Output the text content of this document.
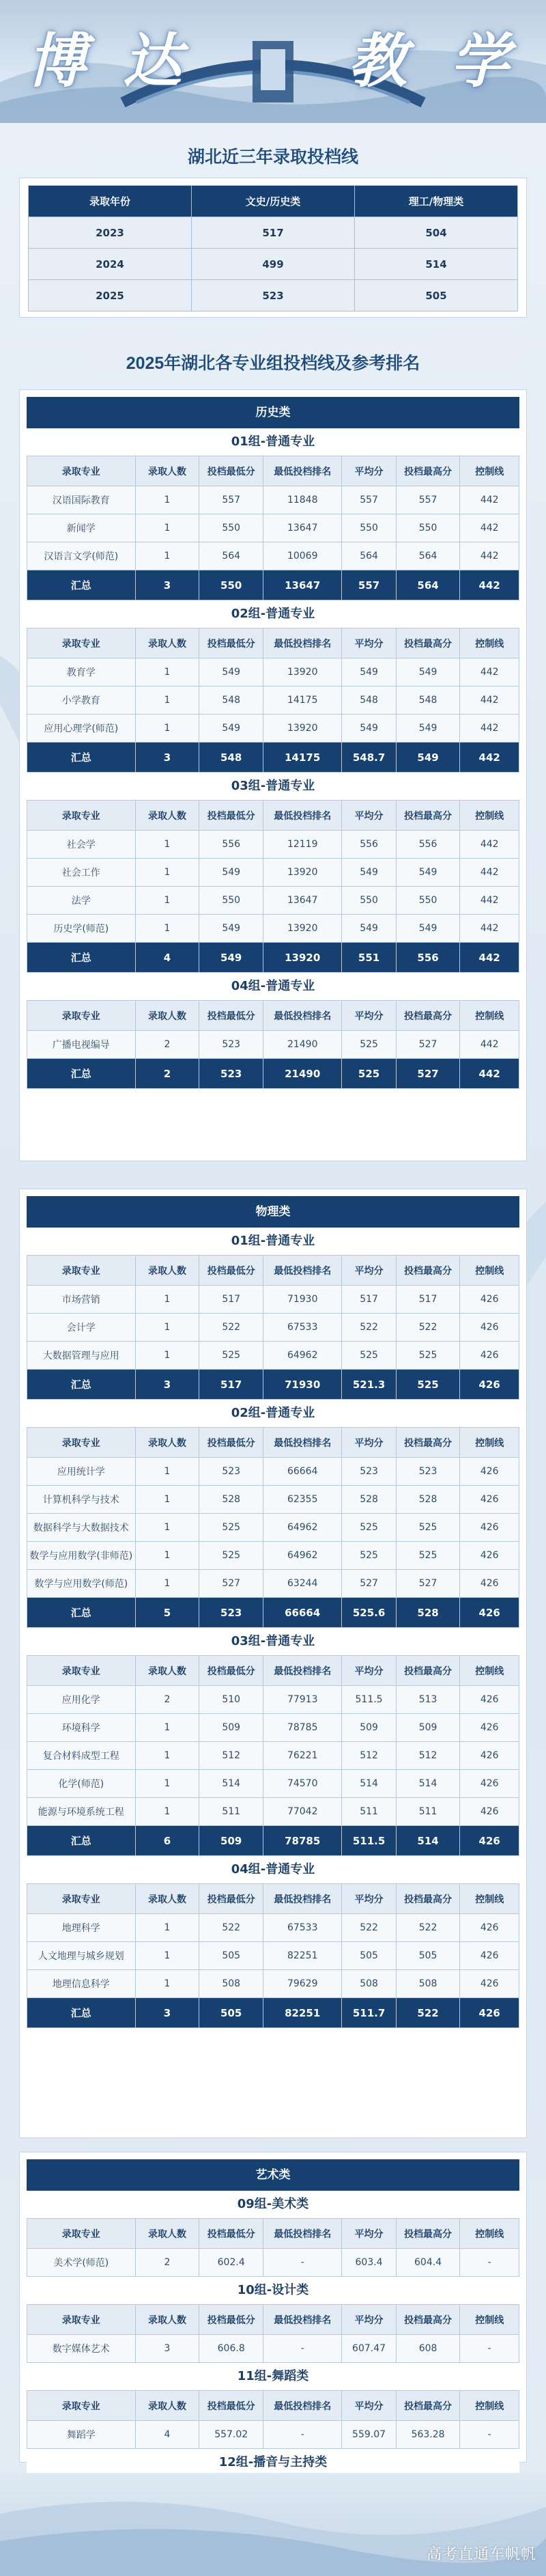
博 达	教 学
湖北近三年录取投档线
录取年份	文史/历史类	理工/物理类
2023	517	504
2024	499	514
2025	523	505
2025年湖北各专业组投档线及参考排名
历史类
01组-普通专业
录取专业	录取人数	投档最低分	最低投档排名	平均分	投档最高分	控制线
汉语国际教育	1	557	11848	557	557	442
新闻学	1	550	13647	550	550	442
汉语言文学(师范)	1	564	10069	564	564	442
汇总	3	550	13647	557	564	442
02组-普通专业
录取专业	录取人数	投档最低分	最低投档排名	平均分	投档最高分	控制线
教育学	1	549	13920	549	549	442
小学教育	1	548	14175	548	548	442
应用心理学(师范)	1	549	13920	549	549	442
汇总	3	548	14175	548.7	549	442
03组-普通专业
录取专业	录取人数	投档最低分	最低投档排名	平均分	投档最高分	控制线
社会学	1	556	12119	556	556	442
社会工作	1	549	13920	549	549	442
法学	1	550	13647	550	550	442
历史学(师范)	1	549	13920	549	549	442
汇总	4	549	13920	551	556	442
04组-普通专业
录取专业	录取人数	投档最低分	最低投档排名	平均分	投档最高分	控制线
广播电视编导	2	523	21490	525	527	442
汇总	2	523	21490	525	527	442
物理类
01组-普通专业
录取专业	录取人数	投档最低分	最低投档排名	平均分	投档最高分	控制线
市场营销	1	517	71930	517	517	426
会计学	1	522	67533	522	522	426
大数据管理与应用	1	525	64962	525	525	426
汇总	3	517	71930	521.3	525	426
02组-普通专业
录取专业	录取人数	投档最低分	最低投档排名	平均分	投档最高分	控制线
应用统计学	1	523	66664	523	523	426
计算机科学与技术	1	528	62355	528	528	426
数据科学与大数据技术	1	525	64962	525	525	426
数学与应用数学(非师范)	1	525	64962	525	525	426
数学与应用数学(师范)	1	527	63244	527	527	426
汇总	5	523	66664	525.6	528	426
03组-普通专业
录取专业	录取人数	投档最低分	最低投档排名	平均分	投档最高分	控制线
应用化学	2	510	77913	511.5	513	426
环境科学	1	509	78785	509	509	426
复合材料成型工程	1	512	76221	512	512	426
化学(师范)	1	514	74570	514	514	426
能源与环境系统工程	1	511	77042	511	511	426
汇总	6	509	78785	511.5	514	426
04组-普通专业
录取专业	录取人数	投档最低分	最低投档排名	平均分	投档最高分	控制线
地理科学	1	522	67533	522	522	426
人文地理与城乡规划	1	505	82251	505	505	426
地理信息科学	1	508	79629	508	508	426
汇总	3	505	82251	511.7	522	426
艺术类
09组-美术类
录取专业	录取人数	投档最低分	最低投档排名	平均分	投档最高分	控制线
美术学(师范)	2	602.4	-	603.4	604.4	-
10组-设计类
录取专业	录取人数	投档最低分	最低投档排名	平均分	投档最高分	控制线
数字媒体艺术	3	606.8	-	607.47	608	-
11组-舞蹈类
录取专业	录取人数	投档最低分	最低投档排名	平均分	投档最高分	控制线
舞蹈学	4	557.02	-	559.07	563.28	-
12组-播音与主持类

高考直通车帆帆
